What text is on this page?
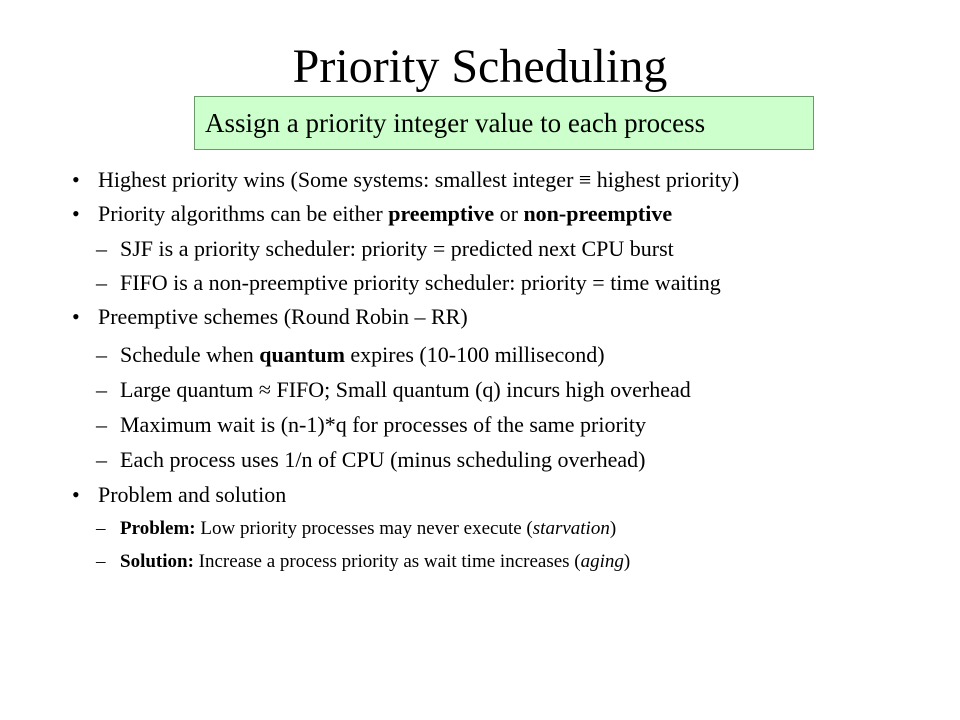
Priority Scheduling
Assign a priority integer value to each process
• Highest priority wins (Some systems: smallest integer ≡ highest priority)
• Priority algorithms can be either preemptive or non-preemptive
– SJF is a priority scheduler: priority = predicted next CPU burst
– FIFO is a non-preemptive priority scheduler: priority = time waiting
• Preemptive schemes (Round Robin – RR)
– Schedule when quantum expires (10-100 millisecond)
– Large quantum ≈ FIFO; Small quantum (q) incurs high overhead
– Maximum wait is (n-1)*q for processes of the same priority
– Each process uses 1/n of CPU (minus scheduling overhead)
• Problem and solution
– Problem: Low priority processes may never execute (starvation)
– Solution: Increase a process priority as wait time increases (aging)
